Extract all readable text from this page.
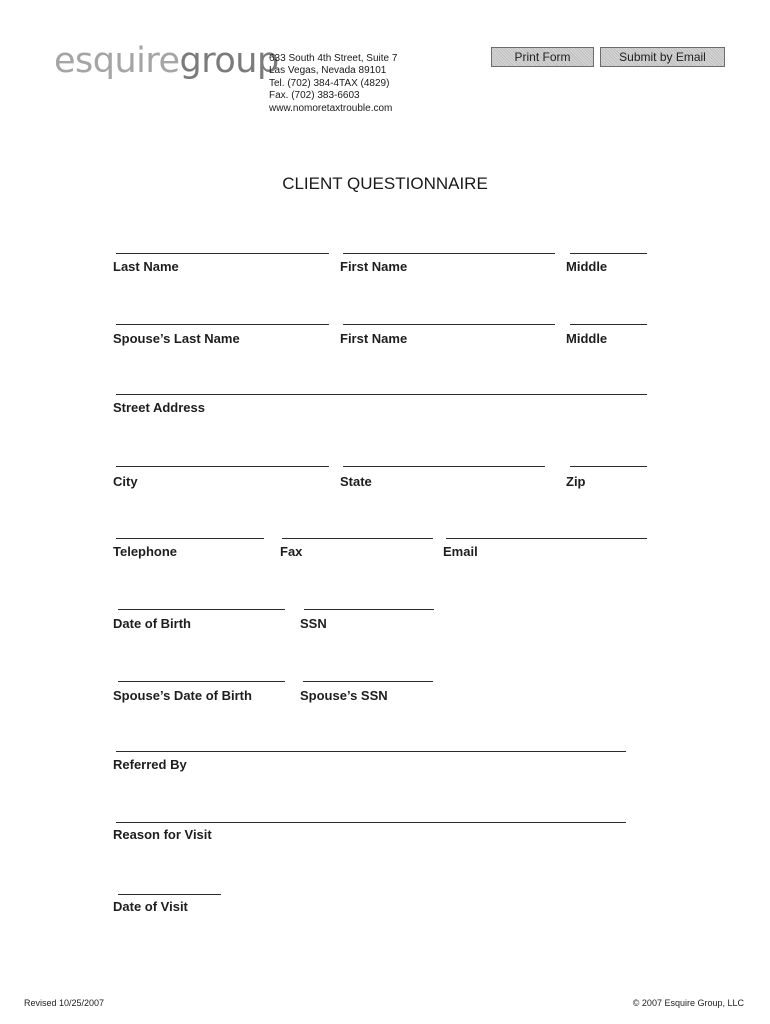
esquiregroup
633 South 4th Street, Suite 7
Las Vegas, Nevada 89101
Tel. (702) 384-4TAX (4829)
Fax. (702) 383-6603
www.nomoretaxtrouble.com
Print Form	Submit by Email
CLIENT QUESTIONNAIRE
Last Name	First Name	Middle
Spouse’s Last Name	First Name	Middle
Street Address
City	State	Zip
Telephone	Fax	Email
Date of Birth	SSN
Spouse’s Date of Birth	Spouse’s SSN
Referred By
Reason for Visit
Date of Visit
Revised 10/25/2007	© 2007 Esquire Group, LLC
